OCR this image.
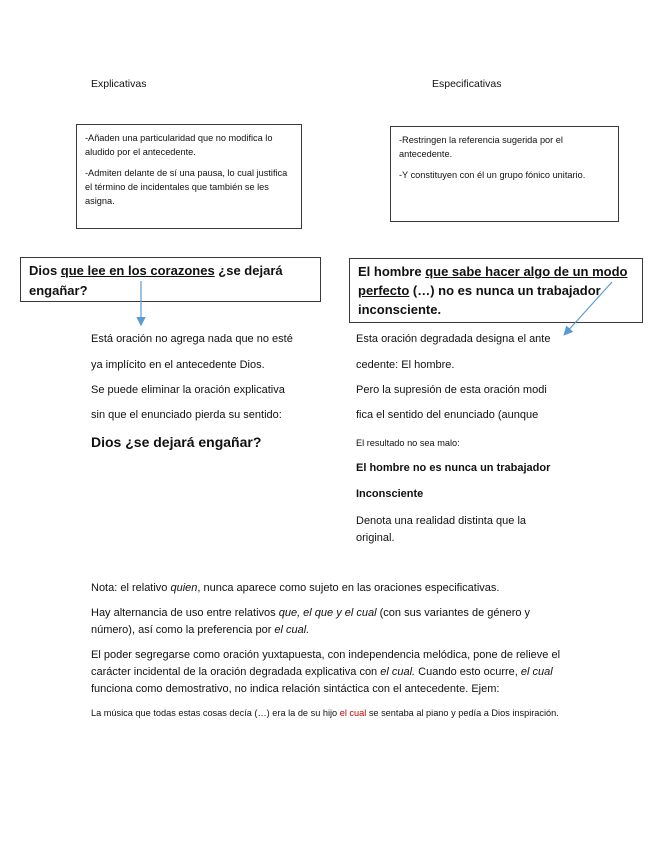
Explicativas	Especificativas

-Añaden una particularidad que no modifica lo aludido por el antecedente.

-Admiten delante de sí una pausa, lo cual justifica el término de incidentales que también se les asigna.

-Restringen la referencia sugerida por el antecedente.

-Y constituyen con él un grupo fónico unitario.

Dios que lee en los corazones ¿se dejará engañar?
El hombre que sabe hacer algo de un modo perfecto (…) no es nunca un trabajador inconsciente.
Está oración no agrega nada que no esté
ya implícito en el antecedente Dios.
Se puede eliminar la oración explicativa
sin que el enunciado pierda su sentido:
Dios ¿se dejará engañar?
Esta oración degradada designa el ante
cedente: El hombre.
Pero la supresión de esta oración modi
fica el sentido del enunciado (aunque
El resultado no sea malo:
El hombre no es nunca un trabajador
Inconsciente
Denota una realidad distinta que la original.

Nota: el relativo quien, nunca aparece como sujeto en las oraciones especificativas.

Hay alternancia de uso entre relativos que, el que y el cual (con sus variantes de género y número), así como la preferencia por el cual.

El poder segregarse como oración yuxtapuesta, con independencia melódica, pone de relieve el carácter incidental de la oración degradada explicativa con el cual. Cuando esto ocurre, el cual funciona como demostrativo, no indica relación sintáctica con el antecedente. Ejem:

La música que todas estas cosas decía (…) era la de su hijo el cual se sentaba al piano y pedía a Dios inspiración.
